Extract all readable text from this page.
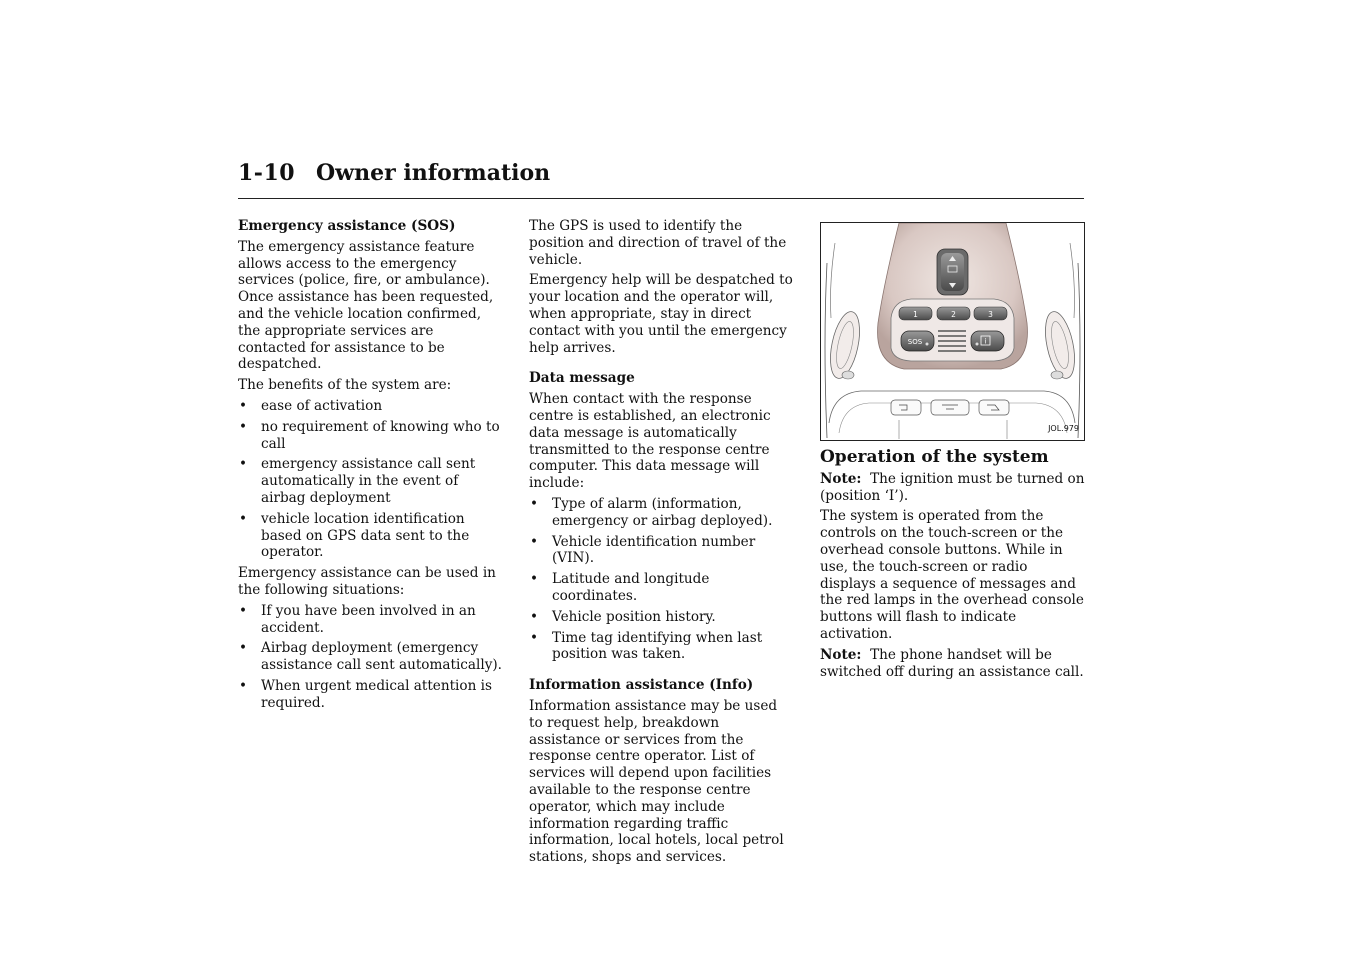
1-10 Owner information
Emergency assistance (SOS)

The emergency assistance feature allows access to the emergency services (police, fire, or ambulance). Once assistance has been requested, and the vehicle location confirmed, the appropriate services are contacted for assistance to be despatched.

The benefits of the system are:

• ease of activation
• no requirement of knowing who to call
• emergency assistance call sent automatically in the event of airbag deployment
• vehicle location identification based on GPS data sent to the operator.

Emergency assistance can be used in the following situations:

• If you have been involved in an accident.
• Airbag deployment (emergency assistance call sent automatically).
• When urgent medical attention is required.

The GPS is used to identify the position and direction of travel of the vehicle.

Emergency help will be despatched to your location and the operator will, when appropriate, stay in direct contact with you until the emergency help arrives.

Data message

When contact with the response centre is established, an electronic data message is automatically transmitted to the response centre computer. This data message will include:

• Type of alarm (information, emergency or airbag deployed).
• Vehicle identification number (VIN).
• Latitude and longitude coordinates.
• Vehicle position history.
• Time tag identifying when last position was taken.
Information assistance (Info)

Information assistance may be used to request help, breakdown assistance or services from the response centre operator. List of services will depend upon facilities available to the response centre operator, which may include information regarding traffic information, local hotels, local petrol stations, shops and services.

1	2	3
SOS	i
JOL.979
Operation of the system

Note: The ignition must be turned on (position ‘I’).

The system is operated from the controls on the touch-screen or the overhead console buttons. While in use, the touch-screen or radio displays a sequence of messages and the red lamps in the overhead console buttons will flash to indicate activation.

Note: The phone handset will be switched off during an assistance call.
